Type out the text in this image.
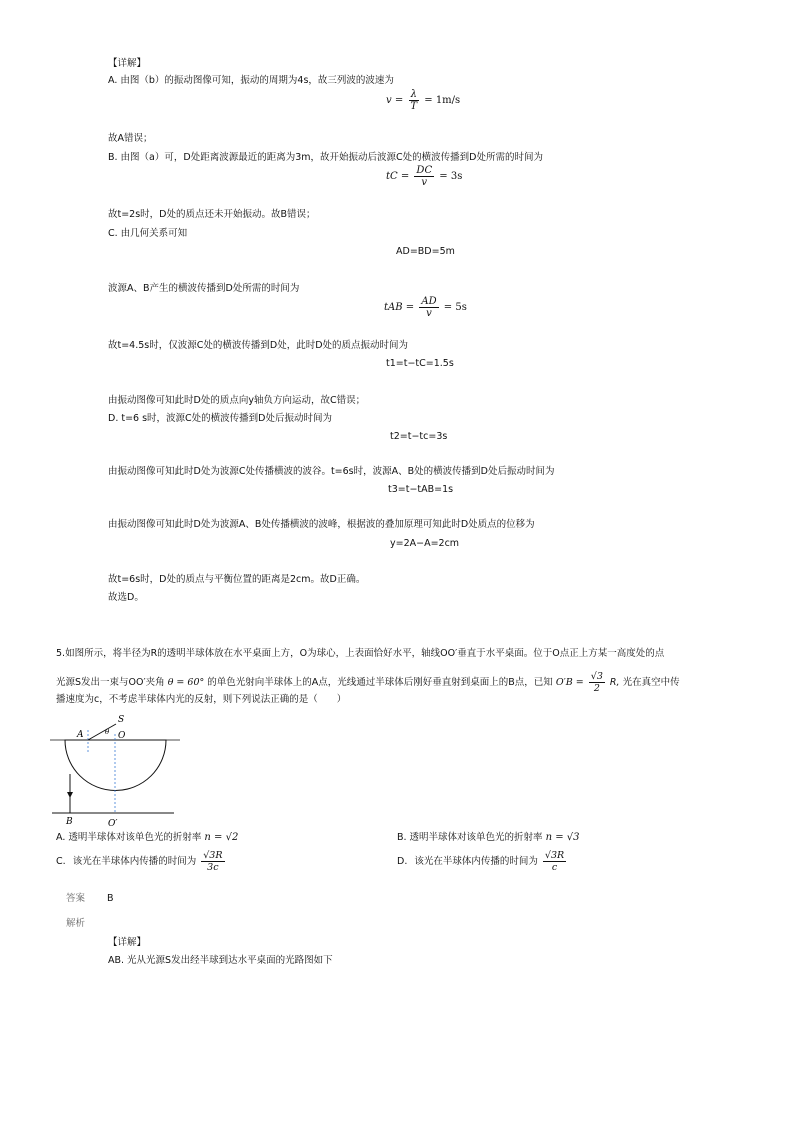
【详解】
A. 由图（b）的振动图像可知，振动的周期为4s，故三列波的波速为
$v = \frac{\lambda}{T} = 1m/s$
故A错误；
B. 由图（a）可，D处距离波源最近的距离为3m，故开始振动后波源C处的横波传播到D处所需的时间为
tC = $\frac{DC}{v} = 3s$
故t=2s时，D处的质点还未开始振动。故B错误；
C. 由几何关系可知
AD=BD=5m
波源A、B产生的横波传播到D处所需的时间为
tAB = $\frac{AD}{v} = 5s$
故t=4.5s时，仅波源C处的横波传播到D处，此时D处的质点振动时间为
t1=t−tC=1.5s
由振动图像可知此时D处的质点向y轴负方向运动，故C错误；
D. t=6 s时，波源C处的横波传播到D处后振动时间为
t2=t−tc=3s
由振动图像可知此时D处为波源C处传播横波的波谷。t=6s时，波源A、B处的横波传播到D处后振动时间为
t3=t−tAB=1s
由振动图像可知此时D处为波源A、B处传播横波的波峰，根据波的叠加原理可知此时D处质点的位移为
y=2A−A=2cm
故t=6s时，D处的质点与平衡位置的距离是2cm。故D正确。
故选D。
5.如图所示，将半径为R的透明半球体放在水平桌面上方，O为球心，上表面恰好水平，轴线OO′垂直于水平桌面。位于O点正上方某一高度处的点
光源S发出一束与OO′夹角 θ = 60° 的单色光射向半球体上的A点，光线通过半球体后刚好垂直射到桌面上的B点，已知 $O'B = \frac{√3}{2} R$, 光在真空中传
播速度为c，不考虑半球体内光的反射，则下列说法正确的是（　　）
S
A	θ O
B	O′
A. 透明半球体对该单色光的折射率 n = √2	B. 透明半球体对该单色光的折射率 n = √3
C. 该光在半球体内传播的时间为 $\frac{√3R}{3c}$	D. 该光在半球体内传播的时间为 $\frac{√3R}{c}$
答案 B
解析
【详解】
AB. 光从光源S发出经半球到达水平桌面的光路图如下
